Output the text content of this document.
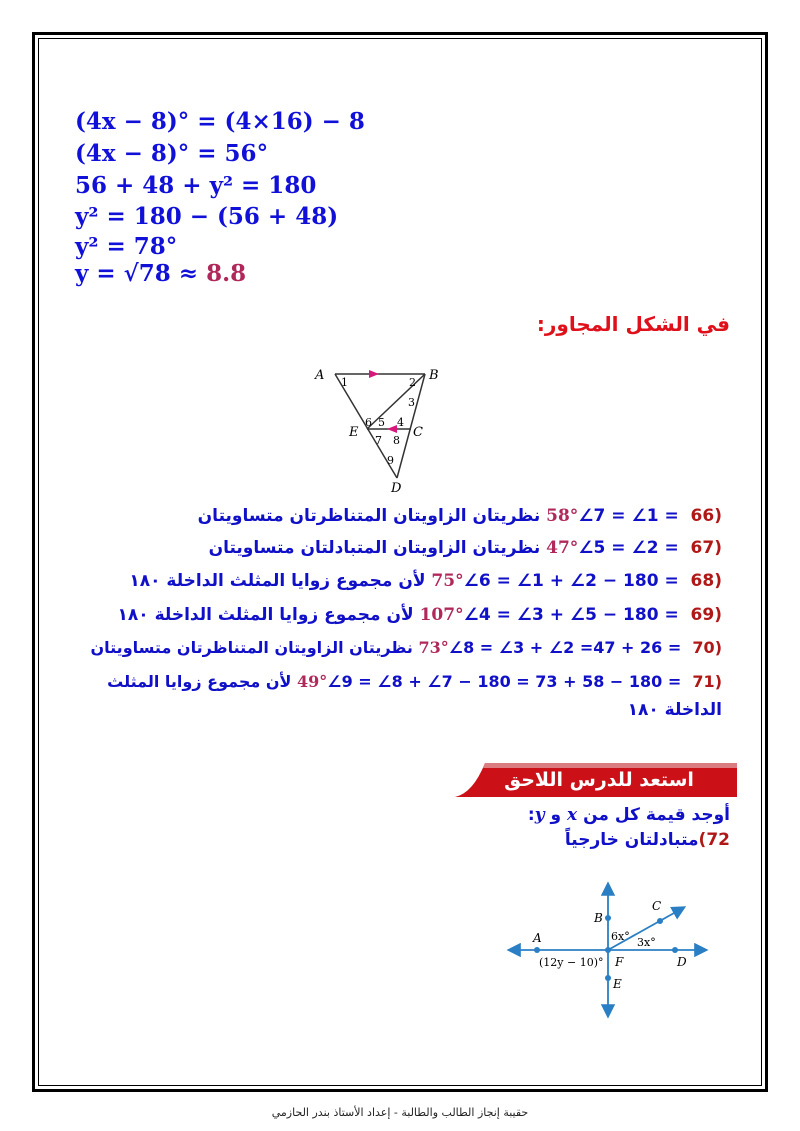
(4x − 8)° = (4×16) − 8
(4x − 8)° = 56°
56 + 48 + y² = 180
y² = 180 − (56 + 48)
y² = 78°
y = √78 ≈ 8.8
في الشكل المجاور:
A	B
E	C
D
1	2
3
4
5
6
7 8
9
(66 ∠7 = ∠1 = 58° نظريتان الزاويتان المتناظرتان متساويتان
(67 ∠5 = ∠2 = 47° نظريتان الزاويتان المتبادلتان متساويتان
(68 ∠6 = ∠1 + ∠2 − 180 = 75° لأن مجموع زوايا المثلث الداخلة ١٨٠
(69 ∠4 = ∠3 + ∠5 − 180 = 107° لأن مجموع زوايا المثلث الداخلة ١٨٠
(70 ∠8 = ∠3 + ∠2 =47 + 26 = 73° نظريتان الزاويتان المتناظرتان متساويتان
(71 ∠9 = ∠8 + ∠7 − 180 = 73 + 58 − 180 = 49° لأن مجموع زوايا المثلث
الداخلة ١٨٠
استعد للدرس اللاحق
أوجد قيمة كل من x و y:
72)متبادلتان خارجياً
A
B
C
D
E
F
6x° 3x°
(12y − 10)°
حقيبة إنجاز الطالب والطالبة - إعداد الأستاذ بندر الحازمي
